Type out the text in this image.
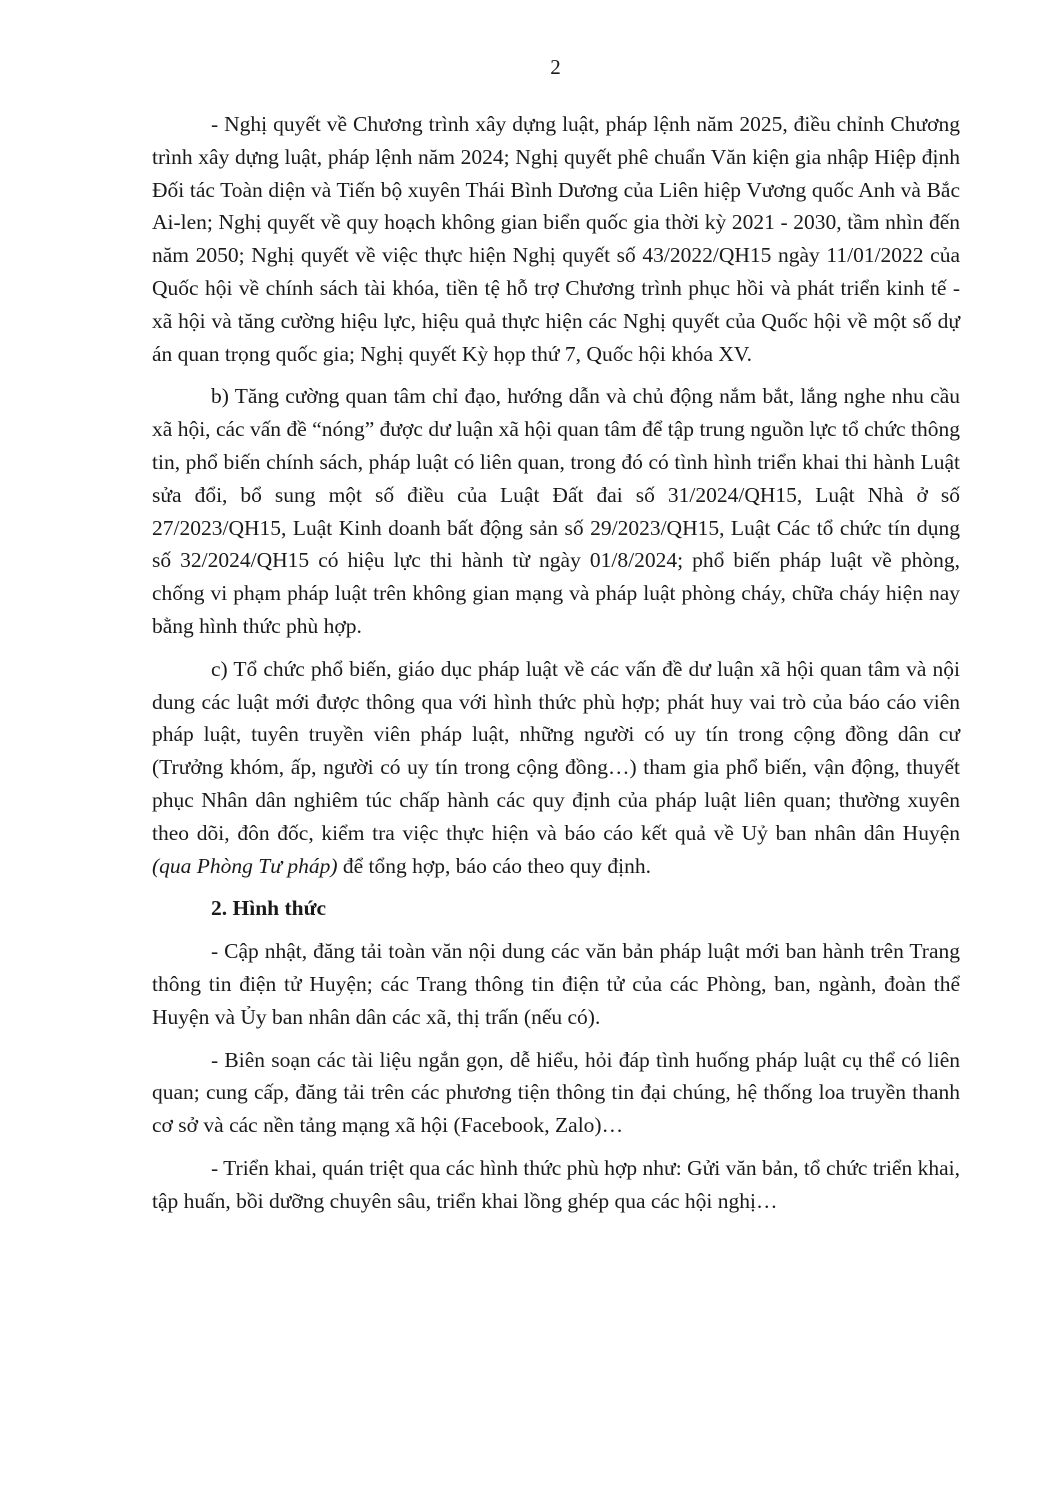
2

- Nghị quyết về Chương trình xây dựng luật, pháp lệnh năm 2025, điều chỉnh Chương trình xây dựng luật, pháp lệnh năm 2024; Nghị quyết phê chuẩn Văn kiện gia nhập Hiệp định Đối tác Toàn diện và Tiến bộ xuyên Thái Bình Dương của Liên hiệp Vương quốc Anh và Bắc Ai-len; Nghị quyết về quy hoạch không gian biển quốc gia thời kỳ 2021 - 2030, tầm nhìn đến năm 2050; Nghị quyết về việc thực hiện Nghị quyết số 43/2022/QH15 ngày 11/01/2022 của Quốc hội về chính sách tài khóa, tiền tệ hỗ trợ Chương trình phục hồi và phát triển kinh tế - xã hội và tăng cường hiệu lực, hiệu quả thực hiện các Nghị quyết của Quốc hội về một số dự án quan trọng quốc gia; Nghị quyết Kỳ họp thứ 7, Quốc hội khóa XV.

b) Tăng cường quan tâm chỉ đạo, hướng dẫn và chủ động nắm bắt, lắng nghe nhu cầu xã hội, các vấn đề “nóng” được dư luận xã hội quan tâm để tập trung nguồn lực tổ chức thông tin, phổ biến chính sách, pháp luật có liên quan, trong đó có tình hình triển khai thi hành Luật sửa đổi, bổ sung một số điều của Luật Đất đai số 31/2024/QH15, Luật Nhà ở số 27/2023/QH15, Luật Kinh doanh bất động sản số 29/2023/QH15, Luật Các tổ chức tín dụng số 32/2024/QH15 có hiệu lực thi hành từ ngày 01/8/2024; phổ biến pháp luật về phòng, chống vi phạm pháp luật trên không gian mạng và pháp luật phòng cháy, chữa cháy hiện nay bằng hình thức phù hợp.

c) Tổ chức phổ biến, giáo dục pháp luật về các vấn đề dư luận xã hội quan tâm và nội dung các luật mới được thông qua với hình thức phù hợp; phát huy vai trò của báo cáo viên pháp luật, tuyên truyền viên pháp luật, những người có uy tín trong cộng đồng dân cư (Trưởng khóm, ấp, người có uy tín trong cộng đồng…) tham gia phổ biến, vận động, thuyết phục Nhân dân nghiêm túc chấp hành các quy định của pháp luật liên quan; thường xuyên theo dõi, đôn đốc, kiểm tra việc thực hiện và báo cáo kết quả về Uỷ ban nhân dân Huyện (qua Phòng Tư pháp) để tổng hợp, báo cáo theo quy định.

2. Hình thức

- Cập nhật, đăng tải toàn văn nội dung các văn bản pháp luật mới ban hành trên Trang thông tin điện tử Huyện; các Trang thông tin điện tử của các Phòng, ban, ngành, đoàn thể Huyện và Ủy ban nhân dân các xã, thị trấn (nếu có).

- Biên soạn các tài liệu ngắn gọn, dễ hiểu, hỏi đáp tình huống pháp luật cụ thể có liên quan; cung cấp, đăng tải trên các phương tiện thông tin đại chúng, hệ thống loa truyền thanh cơ sở và các nền tảng mạng xã hội (Facebook, Zalo)…

- Triển khai, quán triệt qua các hình thức phù hợp như: Gửi văn bản, tổ chức triển khai, tập huấn, bồi dưỡng chuyên sâu, triển khai lồng ghép qua các hội nghị…
